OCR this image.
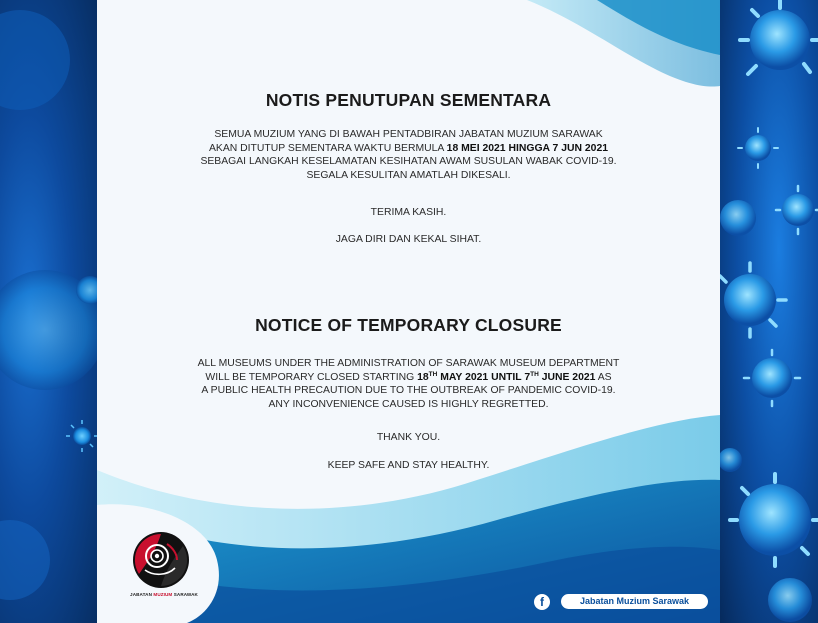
NOTIS PENUTUPAN SEMENTARA
SEMUA MUZIUM YANG DI BAWAH PENTADBIRAN JABATAN MUZIUM SARAWAK
AKAN DITUTUP SEMENTARA WAKTU BERMULA 18 MEI 2021 HINGGA 7 JUN 2021
SEBAGAI LANGKAH KESELAMATAN KESIHATAN AWAM SUSULAN WABAK COVID-19.
SEGALA KESULITAN AMATLAH DIKESALI.
TERIMA KASIH.
JAGA DIRI DAN KEKAL SIHAT.
NOTICE OF TEMPORARY CLOSURE
ALL MUSEUMS UNDER THE ADMINISTRATION OF SARAWAK MUSEUM DEPARTMENT
WILL BE TEMPORARY CLOSED STARTING 18TH MAY 2021 UNTIL 7TH JUNE 2021 AS
A PUBLIC HEALTH PRECAUTION DUE TO THE OUTBREAK OF PANDEMIC COVID-19.
ANY INCONVENIENCE CAUSED IS HIGHLY REGRETTED.
THANK YOU.
KEEP SAFE AND STAY HEALTHY.
JABATAN MUZIUM SARAWAK
f	Jabatan Muzium Sarawak
